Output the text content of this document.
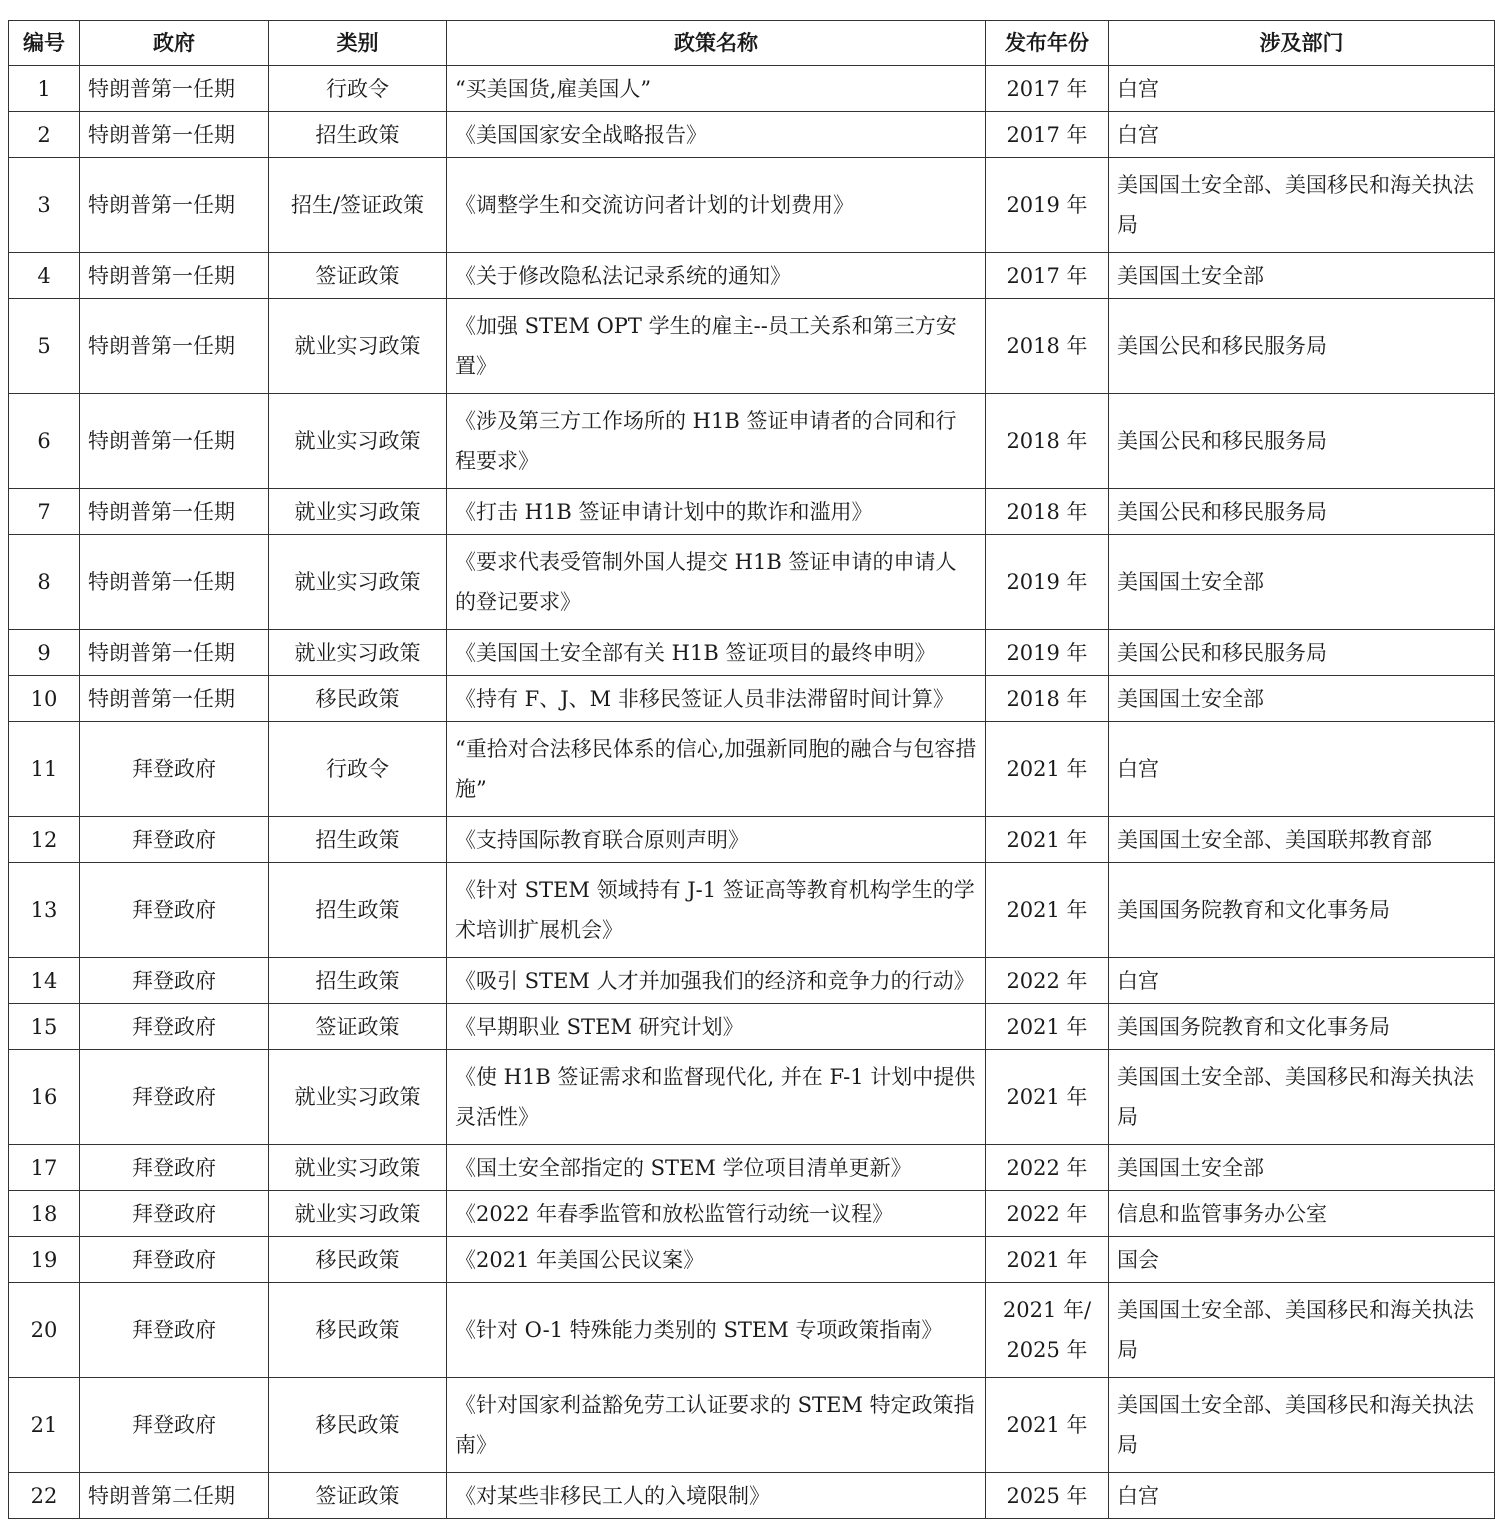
编号	政府	类别	政策名称	发布年份	涉及部门
1	特朗普第一任期	行政令	“买美国货,雇美国人”	2017 年	白宫
2	特朗普第一任期	招生政策	《美国国家安全战略报告》	2017 年	白宫
3	特朗普第一任期	招生/签证政策	《调整学生和交流访问者计划的计划费用》	2019 年	美国国土安全部、美国移民和海关执法局
4	特朗普第一任期	签证政策	《关于修改隐私法记录系统的通知》	2017 年	美国国土安全部
5	特朗普第一任期	就业实习政策	《加强 STEM OPT 学生的雇主--员工关系和第三方安置》	2018 年	美国公民和移民服务局
6	特朗普第一任期	就业实习政策	《涉及第三方工作场所的 H1B 签证申请者的合同和行程要求》	2018 年	美国公民和移民服务局
7	特朗普第一任期	就业实习政策	《打击 H1B 签证申请计划中的欺诈和滥用》	2018 年	美国公民和移民服务局
8	特朗普第一任期	就业实习政策	《要求代表受管制外国人提交 H1B 签证申请的申请人的登记要求》	2019 年	美国国土安全部
9	特朗普第一任期	就业实习政策	《美国国土安全部有关 H1B 签证项目的最终申明》	2019 年	美国公民和移民服务局
10	特朗普第一任期	移民政策	《持有 F、J、M 非移民签证人员非法滞留时间计算》	2018 年	美国国土安全部
11	拜登政府	行政令	“重拾对合法移民体系的信心,加强新同胞的融合与包容措施”	2021 年	白宫
12	拜登政府	招生政策	《支持国际教育联合原则声明》	2021 年	美国国土安全部、美国联邦教育部
13	拜登政府	招生政策	《针对 STEM 领域持有 J-1 签证高等教育机构学生的学术培训扩展机会》	2021 年	美国国务院教育和文化事务局
14	拜登政府	招生政策	《吸引 STEM 人才并加强我们的经济和竞争力的行动》	2022 年	白宫
15	拜登政府	签证政策	《早期职业 STEM 研究计划》	2021 年	美国国务院教育和文化事务局
16	拜登政府	就业实习政策	《使 H1B 签证需求和监督现代化, 并在 F-1 计划中提供灵活性》	2021 年	美国国土安全部、美国移民和海关执法局
17	拜登政府	就业实习政策	《国土安全部指定的 STEM 学位项目清单更新》	2022 年	美国国土安全部
18	拜登政府	就业实习政策	《2022 年春季监管和放松监管行动统一议程》	2022 年	信息和监管事务办公室
19	拜登政府	移民政策	《2021 年美国公民议案》	2021 年	国会
20	拜登政府	移民政策	《针对 O-1 特殊能力类别的 STEM 专项政策指南》	2021 年/ 2025 年	美国国土安全部、美国移民和海关执法局
21	拜登政府	移民政策	《针对国家利益豁免劳工认证要求的 STEM 特定政策指南》	2021 年	美国国土安全部、美国移民和海关执法局
22	特朗普第二任期	签证政策	《对某些非移民工人的入境限制》	2025 年	白宫
